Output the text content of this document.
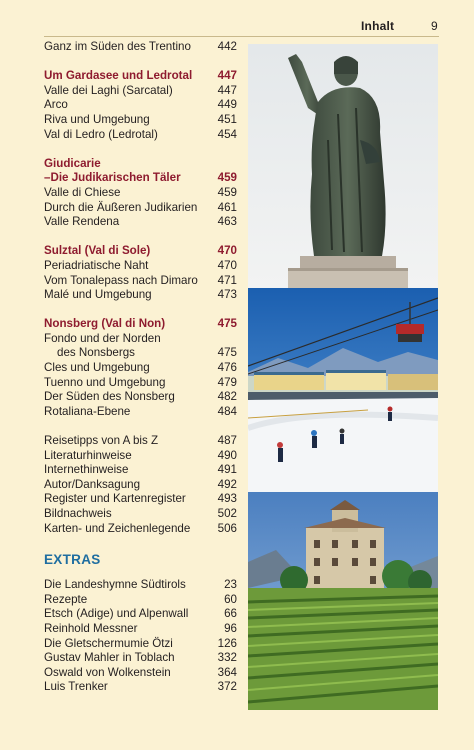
Inhalt	9
Ganz im Süden des Trentino	442
Um Gardasee und Ledrotal	447
Valle dei Laghi (Sarcatal)	447
Arco	449
Riva und Umgebung	451
Val di Ledro (Ledrotal)	454
Giudicarie
–Die Judikarischen Täler	459
Valle di Chiese	459
Durch die Äußeren Judikarien	461
Valle Rendena	463
Sulztal (Val di Sole)	470
Periadriatische Naht	470
Vom Tonalepass nach Dimaro	471
Malé und Umgebung	473
Nonsberg (Val di Non)	475
Fondo und der Norden
des Nonsbergs	475
Cles und Umgebung	476
Tuenno und Umgebung	479
Der Süden des Nonsberg	482
Rotaliana-Ebene	484
Reisetipps von A bis Z	487
Literaturhinweise	490
Internethinweise	491
Autor/Danksagung	492
Register und Kartenregister	493
Bildnachweis	502
Karten- und Zeichenlegende	506
EXTRAS
Die Landeshymne Südtirols	23
Rezepte	60
Etsch (Adige) und Alpenwall	66
Reinhold Messner	96
Die Gletschermumie Ötzi	126
Gustav Mahler in Toblach	332
Oswald von Wolkenstein	364
Luis Trenker	372
